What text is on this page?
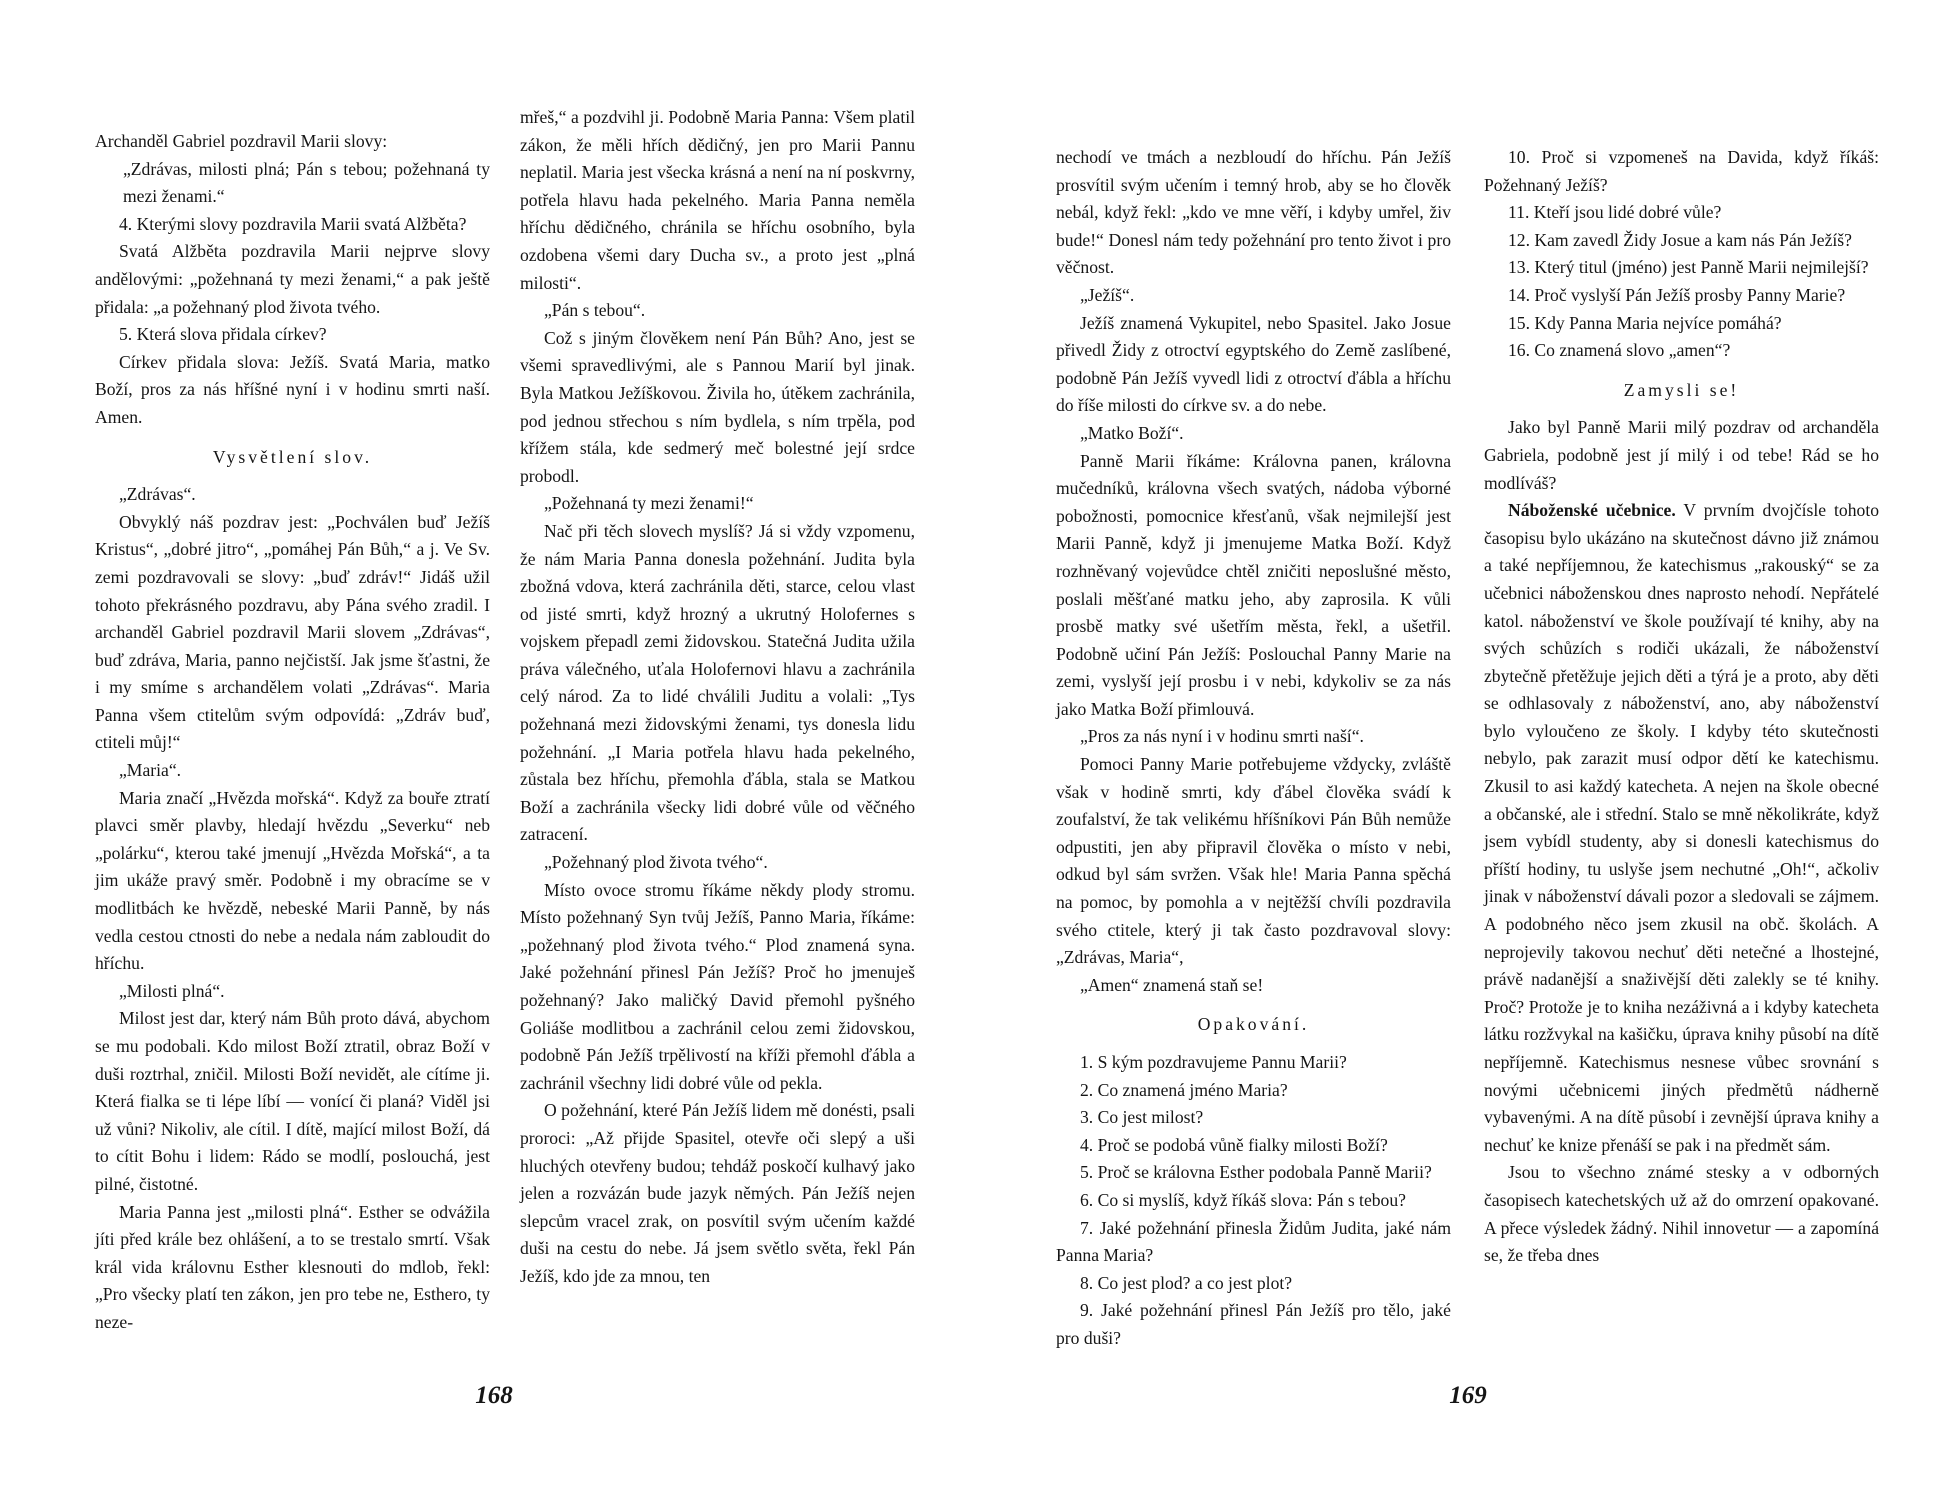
Archanděl Gabriel pozdravil Marii slovy:

„Zdrávas, milosti plná; Pán s tebou; požehnaná ty mezi ženami.“

4. Kterými slovy pozdravila Marii svatá Alžběta?

Svatá Alžběta pozdravila Marii nejprve slovy andělovými: „požehnaná ty mezi ženami,“ a pak ještě přidala: „a požehnaný plod života tvého.

5. Která slova přidala církev?

Církev přidala slova: Ježíš. Svatá Maria, matko Boží, pros za nás hříšné nyní i v hodinu smrti naší. Amen.

Vysvětlení slov.

„Zdrávas“.

Obvyklý náš pozdrav jest: „Pochválen buď Ježíš Kristus“, „dobré jitro“, „pomáhej Pán Bůh,“ a j. Ve Sv. zemi pozdravovali se slovy: „buď zdráv!“ Jidáš užil tohoto překrásného pozdravu, aby Pána svého zradil. I archanděl Gabriel pozdravil Marii slovem „Zdrávas“, buď zdráva, Maria, panno nejčistší. Jak jsme šťastni, že i my smíme s archandělem volati „Zdrávas“. Maria Panna všem ctitelům svým odpovídá: „Zdráv buď, ctiteli můj!“

„Maria“.

Maria značí „Hvězda mořská“. Když za bouře ztratí plavci směr plavby, hledají hvězdu „Severku“ neb „polárku“, kterou také jmenují „Hvězda Mořská“, a ta jim ukáže pravý směr. Podobně i my obracíme se v modlitbách ke hvězdě, nebeské Marii Panně, by nás vedla cestou ctnosti do nebe a nedala nám zabloudit do hříchu.

„Milosti plná“.

Milost jest dar, který nám Bůh proto dává, abychom se mu podobali. Kdo milost Boží ztratil, obraz Boží v duši roztrhal, zničil. Milosti Boží nevidět, ale cítíme ji. Která fialka se ti lépe líbí — vonící či planá? Viděl jsi už vůni? Nikoliv, ale cítil. I dítě, mající milost Boží, dá to cítit Bohu i lidem: Rádo se modlí, poslouchá, jest pilné, čistotné.

Maria Panna jest „milosti plná“. Esther se odvážila jíti před krále bez ohlášení, a to se trestalo smrtí. Však král vida královnu Esther klesnouti do mdlob, řekl: „Pro všecky platí ten zákon, jen pro tebe ne, Esthero, ty neze-

mřeš,“ a pozdvihl ji. Podobně Maria Panna: Všem platil zákon, že měli hřích dědičný, jen pro Marii Pannu neplatil. Maria jest všecka krásná a není na ní poskvrny, potřela hlavu hada pekelného. Maria Panna neměla hříchu dědičného, chránila se hříchu osobního, byla ozdobena všemi dary Ducha sv., a proto jest „plná milosti“.

„Pán s tebou“.

Což s jiným člověkem není Pán Bůh? Ano, jest se všemi spravedlivými, ale s Pannou Marií byl jinak. Byla Matkou Ježíškovou. Živila ho, útěkem zachránila, pod jednou střechou s ním bydlela, s ním trpěla, pod křížem stála, kde sedmerý meč bolestné její srdce probodl.

„Požehnaná ty mezi ženami!“

Nač při těch slovech myslíš? Já si vždy vzpomenu, že nám Maria Panna donesla požehnání. Judita byla zbožná vdova, která zachránila děti, starce, celou vlast od jisté smrti, když hrozný a ukrutný Holofernes s vojskem přepadl zemi židovskou. Statečná Judita užila práva válečného, uťala Holofernovi hlavu a zachránila celý národ. Za to lidé chválili Juditu a volali: „Tys požehnaná mezi židovskými ženami, tys donesla lidu požehnání. „I Maria potřela hlavu hada pekelného, zůstala bez hříchu, přemohla ďábla, stala se Matkou Boží a zachránila všecky lidi dobré vůle od věčného zatracení.

„Požehnaný plod života tvého“.

Místo ovoce stromu říkáme někdy plody stromu. Místo požehnaný Syn tvůj Ježíš, Panno Maria, říkáme: „požehnaný plod života tvého.“ Plod znamená syna. Jaké požehnání přinesl Pán Ježíš? Proč ho jmenuješ požehnaný? Jako maličký David přemohl pyšného Goliáše modlitbou a zachránil celou zemi židovskou, podobně Pán Ježíš trpělivostí na kříži přemohl ďábla a zachránil všechny lidi dobré vůle od pekla.

O požehnání, které Pán Ježíš lidem mě donésti, psali proroci: „Až přijde Spasitel, otevře oči slepý a uši hluchých otevřeny budou; tehdáž poskočí kulhavý jako jelen a rozvázán bude jazyk němých. Pán Ježíš nejen slepcům vracel zrak, on posvítil svým učením každé duši na cestu do nebe. Já jsem světlo světa, řekl Pán Ježíš, kdo jde za mnou, ten

168

nechodí ve tmách a nezbloudí do hříchu. Pán Ježíš prosvítil svým učením i temný hrob, aby se ho člověk nebál, když řekl: „kdo ve mne věří, i kdyby umřel, živ bude!“ Donesl nám tedy požehnání pro tento život i pro věčnost.

„Ježíš“.

Ježíš znamená Vykupitel, nebo Spasitel. Jako Josue přivedl Židy z otroctví egyptského do Země zaslíbené, podobně Pán Ježíš vyvedl lidi z otroctví ďábla a hříchu do říše milosti do církve sv. a do nebe.

„Matko Boží“.

Panně Marii říkáme: Královna panen, královna mučedníků, královna všech svatých, nádoba výborné pobožnosti, pomocnice křesťanů, však nejmilejší jest Marii Panně, když ji jmenujeme Matka Boží. Když rozhněvaný vojevůdce chtěl zničiti neposlušné město, poslali měšťané matku jeho, aby zaprosila. K vůli prosbě matky své ušetřím města, řekl, a ušetřil. Podobně učiní Pán Ježíš: Poslouchal Panny Marie na zemi, vyslyší její prosbu i v nebi, kdykoliv se za nás jako Matka Boží přimlouvá.

„Pros za nás nyní i v hodinu smrti naší“.

Pomoci Panny Marie potřebujeme vždycky, zvláště však v hodině smrti, kdy ďábel člověka svádí k zoufalství, že tak velikému hříšníkovi Pán Bůh nemůže odpustiti, jen aby připravil člověka o místo v nebi, odkud byl sám svržen. Však hle! Maria Panna spěchá na pomoc, by pomohla a v nejtěžší chvíli pozdravila svého ctitele, který ji tak často pozdravoval slovy: „Zdrávas, Maria“,

„Amen“ znamená staň se!

Opakování.

1. S kým pozdravujeme Pannu Marii?

2. Co znamená jméno Maria?

3. Co jest milost?

4. Proč se podobá vůně fialky milosti Boží?

5. Proč se královna Esther podobala Panně Marii?

6. Co si myslíš, když říkáš slova: Pán s tebou?

7. Jaké požehnání přinesla Židům Judita, jaké nám Panna Maria?

8. Co jest plod? a co jest plot?

9. Jaké požehnání přinesl Pán Ježíš pro tělo, jaké pro duši?

10. Proč si vzpomeneš na Davida, když říkáš: Požehnaný Ježíš?

11. Kteří jsou lidé dobré vůle?

12. Kam zavedl Židy Josue a kam nás Pán Ježíš?

13. Který titul (jméno) jest Panně Marii nejmilejší?

14. Proč vyslyší Pán Ježíš prosby Panny Marie?

15. Kdy Panna Maria nejvíce pomáhá?

16. Co znamená slovo „amen“?

Zamysli se!

Jako byl Panně Marii milý pozdrav od archanděla Gabriela, podobně jest jí milý i od tebe! Rád se ho modlíváš?

Náboženské učebnice. V prvním dvojčísle tohoto časopisu bylo ukázáno na skutečnost dávno již známou a také nepříjemnou, že katechismus „rakouský“ se za učebnici náboženskou dnes naprosto nehodí. Nepřátelé katol. náboženství ve škole používají té knihy, aby na svých schůzích s rodiči ukázali, že náboženství zbytečně přetěžuje jejich děti a týrá je a proto, aby děti se odhlasovaly z náboženství, ano, aby náboženství bylo vyloučeno ze školy. I kdyby této skutečnosti nebylo, pak zarazit musí odpor dětí ke katechismu. Zkusil to asi každý katecheta. A nejen na škole obecné a občanské, ale i střední. Stalo se mně několikráte, když jsem vybídl studenty, aby si donesli katechismus do příští hodiny, tu uslyše jsem nechutné „Oh!“, ačkoliv jinak v náboženství dávali pozor a sledovali se zájmem. A podobného něco jsem zkusil na obč. školách. A neprojevily takovou nechuť děti netečné a lhostejné, právě nadanější a snaživější děti zalekly se té knihy. Proč? Protože je to kniha nezáživná a i kdyby katecheta látku rozžvykal na kašičku, úprava knihy působí na dítě nepříjemně. Katechismus nesnese vůbec srovnání s novými učebnicemi jiných předmětů nádherně vybavenými. A na dítě působí i zevnější úprava knihy a nechuť ke knize přenáší se pak i na předmět sám.

Jsou to všechno známé stesky a v odborných časopisech katechetských už až do omrzení opakované. A přece výsledek žádný. Nihil innovetur — a zapomíná se, že třeba dnes

169
